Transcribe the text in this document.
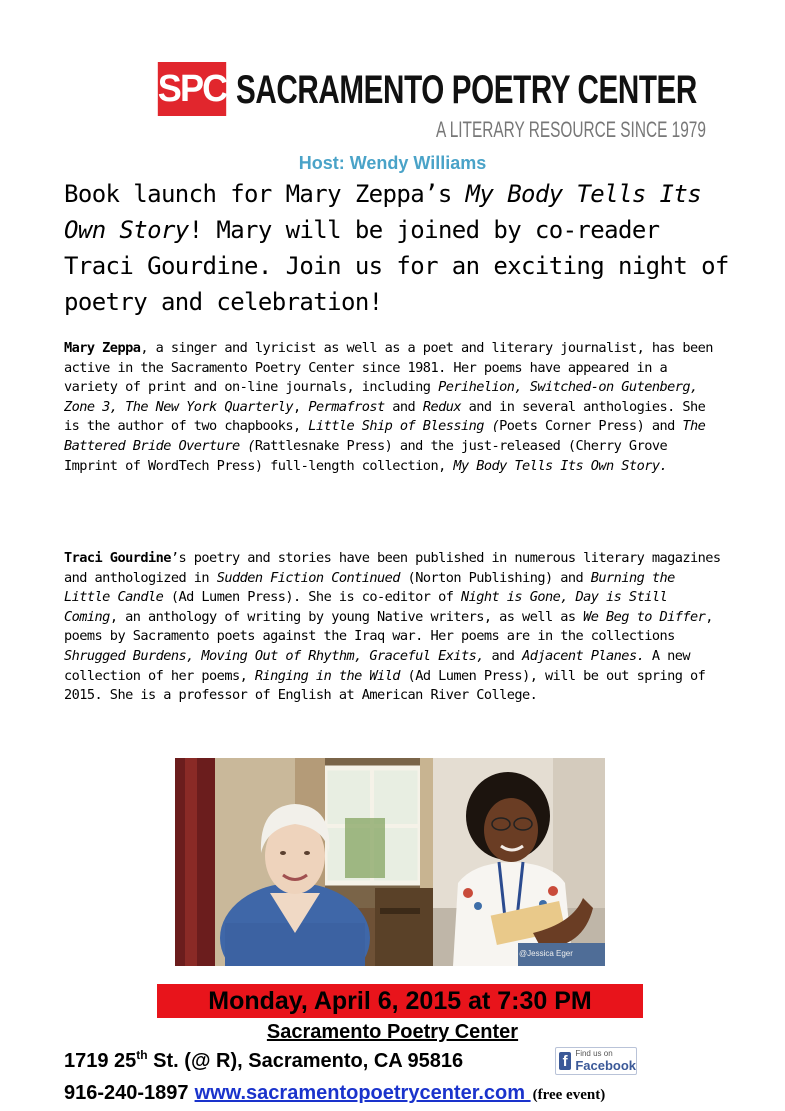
SPC SACRAMENTO POETRY CENTER
A LITERARY RESOURCE SINCE 1979
Host: Wendy Williams
Book launch for Mary Zeppa’s My Body Tells Its Own Story! Mary will be joined by co-reader Traci Gourdine. Join us for an exciting night of poetry and celebration!
Mary Zeppa, a singer and lyricist as well as a poet and literary journalist, has been active in the Sacramento Poetry Center since 1981. Her poems have appeared in a variety of print and on-line journals, including Perihelion, Switched-on Gutenberg, Zone 3, The New York Quarterly, Permafrost and Redux and in several anthologies. She is the author of two chapbooks, Little Ship of Blessing (Poets Corner Press) and The Battered Bride Overture (Rattlesnake Press) and the just-released (Cherry Grove Imprint of WordTech Press) full-length collection, My Body Tells Its Own Story.
Traci Gourdine’s poetry and stories have been published in numerous literary magazines and anthologized in Sudden Fiction Continued (Norton Publishing) and Burning the Little Candle (Ad Lumen Press). She is co-editor of Night is Gone, Day is Still Coming, an anthology of writing by young Native writers, as well as We Beg to Differ, poems by Sacramento poets against the Iraq war. Her poems are in the collections Shrugged Burdens, Moving Out of Rhythm, Graceful Exits, and Adjacent Planes. A new collection of her poems, Ringing in the Wild (Ad Lumen Press), will be out spring of 2015. She is a professor of English at American River College.
@Jessica Eger
Monday, April 6, 2015 at 7:30 PM
Sacramento Poetry Center
1719 25th St. (@ R), Sacramento, CA 95816	f Find us on
Facebook
916-240-1897 www.sacramentopoetrycenter.com (free event)
